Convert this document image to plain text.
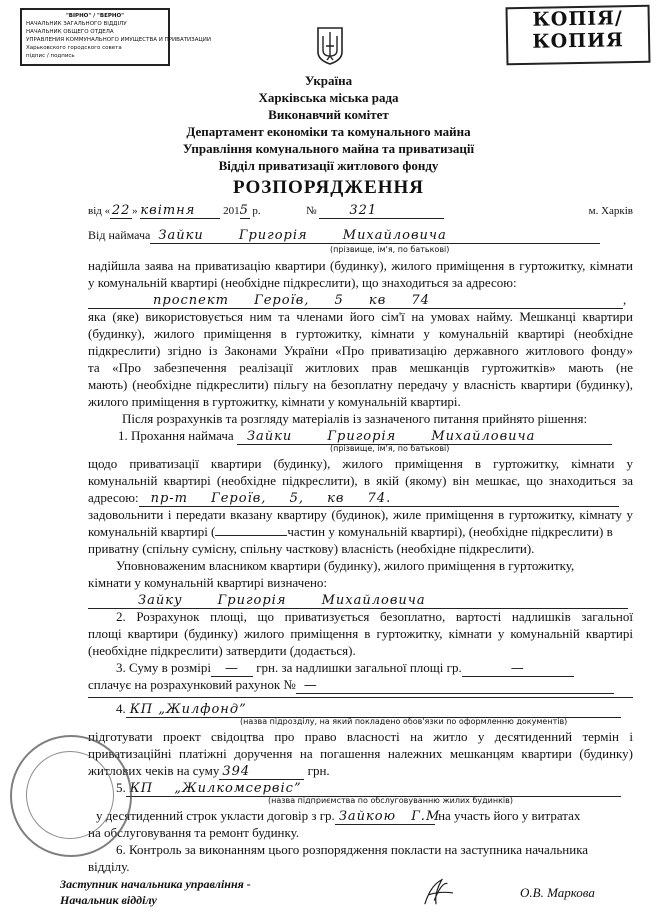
КОПІЯ/
КОПИЯ
"ВІРНО" / "ВЕРНО"
НАЧАЛЬНИК ЗАГАЛЬНОГО ВІДДІЛУ
НАЧАЛЬНИК ОБЩЕГО ОТДЕЛА
УПРАВЛЕНИЯ КОММУНАЛЬНОГО ИМУЩЕСТВА И ПРИВАТИЗАЦИИ
Харьковского городского совета
підпис / подпись
Україна
Харківська міська рада
Виконавчий комітет
Департамент економіки та комунального майна
Управління комунального майна та приватизації
Відділ приватизації житлового фонду
РОЗПОРЯДЖЕННЯ
від « 22 » квітня	2015 р.	№	321	м. Харків
Від наймача Зайки Григорія Михайловича
(прізвище, ім'я, по батькові)
надійшла заява на приватизацію квартири (будинку), жилого приміщення в гуртожитку, кімнати
у комунальній квартирі (необхідне підкреслити), що знаходиться за адресою:
проспект Героїв, 5 кв 74	,
яка (яке) використовується ним та членами його сім'ї на умовах найму. Мешканці квартири
(будинку), жилого приміщення в гуртожитку, кімнати у комунальній квартирі (необхідне
підкреслити) згідно із Законами України «Про приватизацію державного житлового фонду»
та «Про забезпечення реалізації житлових прав мешканців гуртожитків» мають (не
мають) (необхідне підкреслити) пільгу на безоплатну передачу у власність квартири (будинку),
жилого приміщення в гуртожитку, кімнати у комунальній квартирі.
Після розрахунків та розгляду матеріалів із зазначеного питання прийнято рішення:
1. Прохання наймача Зайки Григорія Михайловича
(прізвище, ім'я, по батькові)
щодо приватизації квартири (будинку), жилого приміщення в гуртожитку, кімнати у
комунальній квартирі (необхідне підкреслити), в якій (якому) він мешкає, що знаходиться за
адресою: пр-т Героїв, 5, кв 74.
задовольнити і передати вказану квартиру (будинок), жиле приміщення в гуртожитку, кімнату у
комунальній квартирі (	частин у комунальній квартирі), (необхідне підкреслити) в
приватну (спільну сумісну, спільну часткову) власність (необхідне підкреслити).
Уповноваженим власником квартири (будинку), жилого приміщення в гуртожитку,
кімнати у комунальній квартирі визначено:
Зайку Григорія Михайловича
2. Розрахунок площі, що приватизується безоплатно, вартості надлишків загальної
площі квартири (будинку) жилого приміщення в гуртожитку, кімнати у комунальній квартирі
(необхідне підкреслити) затвердити (додається).
3. Суму в розмірі — грн. за надлишки загальної площі гр.	—
сплачує на розрахунковий рахунок № —
4. КП „Жилфонд”
(назва підрозділу, на який покладено обов'язки по оформленню документів)
підготувати проект свідоцтва про право власності на житло у десятиденний термін і
приватизаційні платіжні доручення на погашення належних мешканцям квартири (будинку)
житлових чеків на суму 394	грн.
5. КП „Жилкомсервіс”
(назва підприємства по обслуговуванню жилих будинків)
у десятиденний строк укласти договір з гр. Зайкою Г.М на участь його у витратах
на обслуговування та ремонт будинку.
6. Контроль за виконанням цього розпорядження покласти на заступника начальника
відділу.
Заступник начальника управління -
Начальник відділу	О.В. Маркова
